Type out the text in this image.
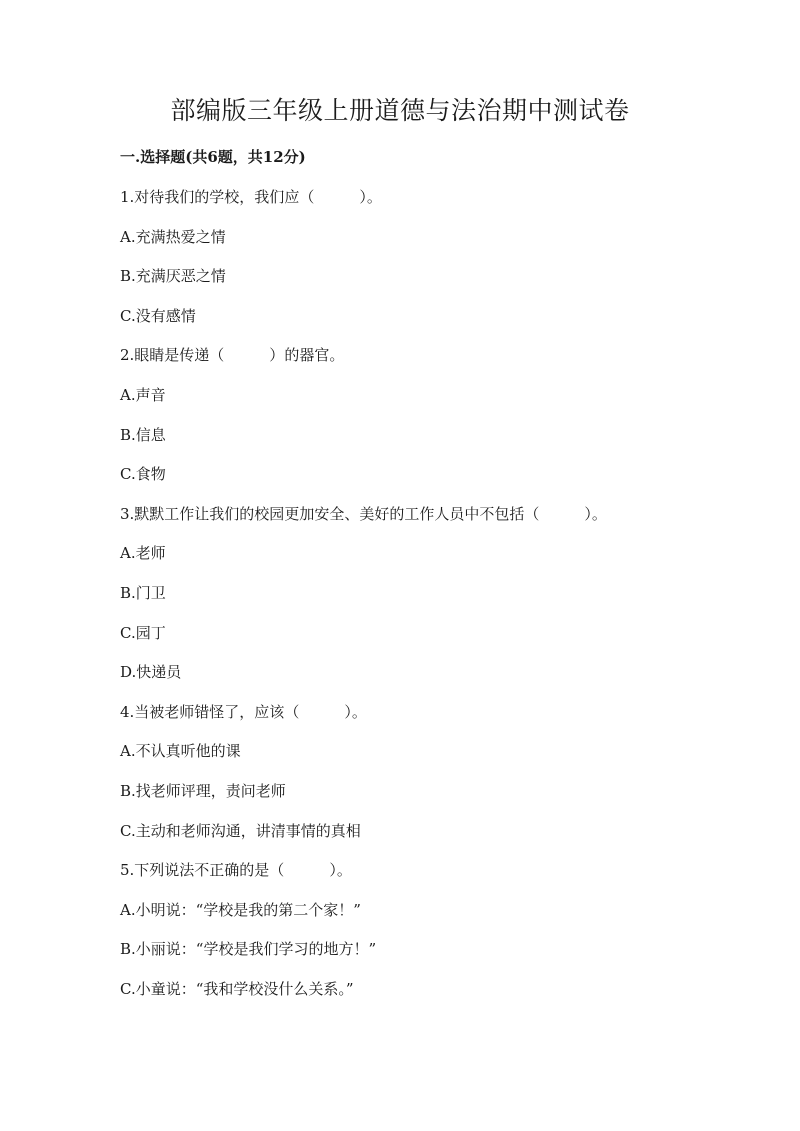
部编版三年级上册道德与法治期中测试卷
一.选择题(共6题，共12分)
1.对待我们的学校，我们应（　　　）。
A.充满热爱之情
B.充满厌恶之情
C.没有感情
2.眼睛是传递（　　　）的器官。
A.声音
B.信息
C.食物
3.默默工作让我们的校园更加安全、美好的工作人员中不包括（　　　）。
A.老师
B.门卫
C.园丁
D.快递员
4.当被老师错怪了，应该（　　　）。
A.不认真听他的课
B.找老师评理，责问老师
C.主动和老师沟通，讲清事情的真相
5.下列说法不正确的是（　　　）。
A.小明说：“学校是我的第二个家！”
B.小丽说：“学校是我们学习的地方！”
C.小童说：“我和学校没什么关系。”
